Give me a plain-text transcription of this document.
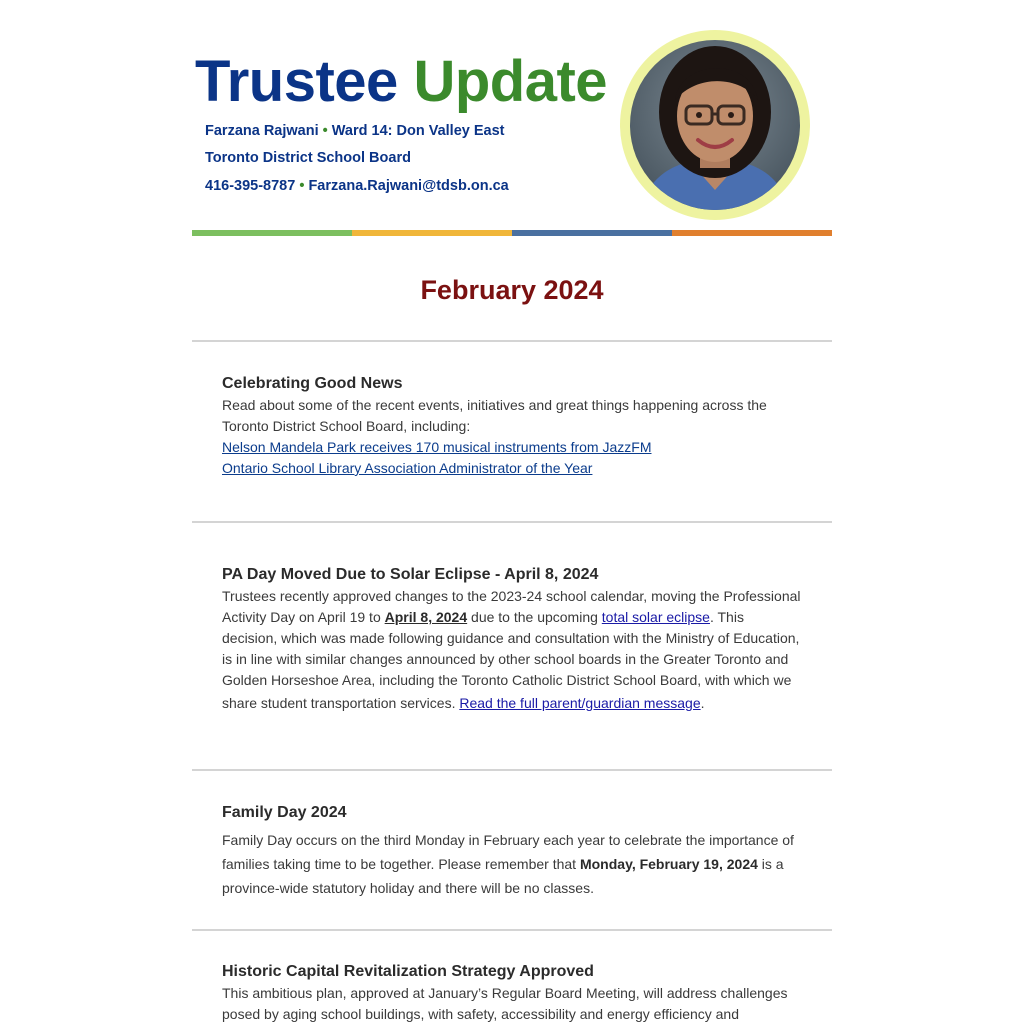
Trustee Update
Farzana Rajwani • Ward 14: Don Valley East
Toronto District School Board
416-395-8787 • Farzana.Rajwani@tdsb.on.ca
February 2024
Celebrating Good News

Read about some of the recent events, initiatives and great things happening across the Toronto District School Board, including:

Nelson Mandela Park receives 170 musical instruments from JazzFM
Ontario School Library Association Administrator of the Year
PA Day Moved Due to Solar Eclipse - April 8, 2024

Trustees recently approved changes to the 2023-24 school calendar, moving the Professional Activity Day on April 19 to April 8, 2024 due to the upcoming total solar eclipse. This decision, which was made following guidance and consultation with the Ministry of Education, is in line with similar changes announced by other school boards in the Greater Toronto and Golden Horseshoe Area, including the Toronto Catholic District School Board, with which we share student transportation services. Read the full parent/guardian message.

Family Day 2024

Family Day occurs on the third Monday in February each year to celebrate the importance of families taking time to be together. Please remember that Monday, February 19, 2024 is a province-wide statutory holiday and there will be no classes.

Historic Capital Revitalization Strategy Approved

This ambitious plan, approved at January’s Regular Board Meeting, will address challenges posed by aging school buildings, with safety, accessibility and energy efficiency and
